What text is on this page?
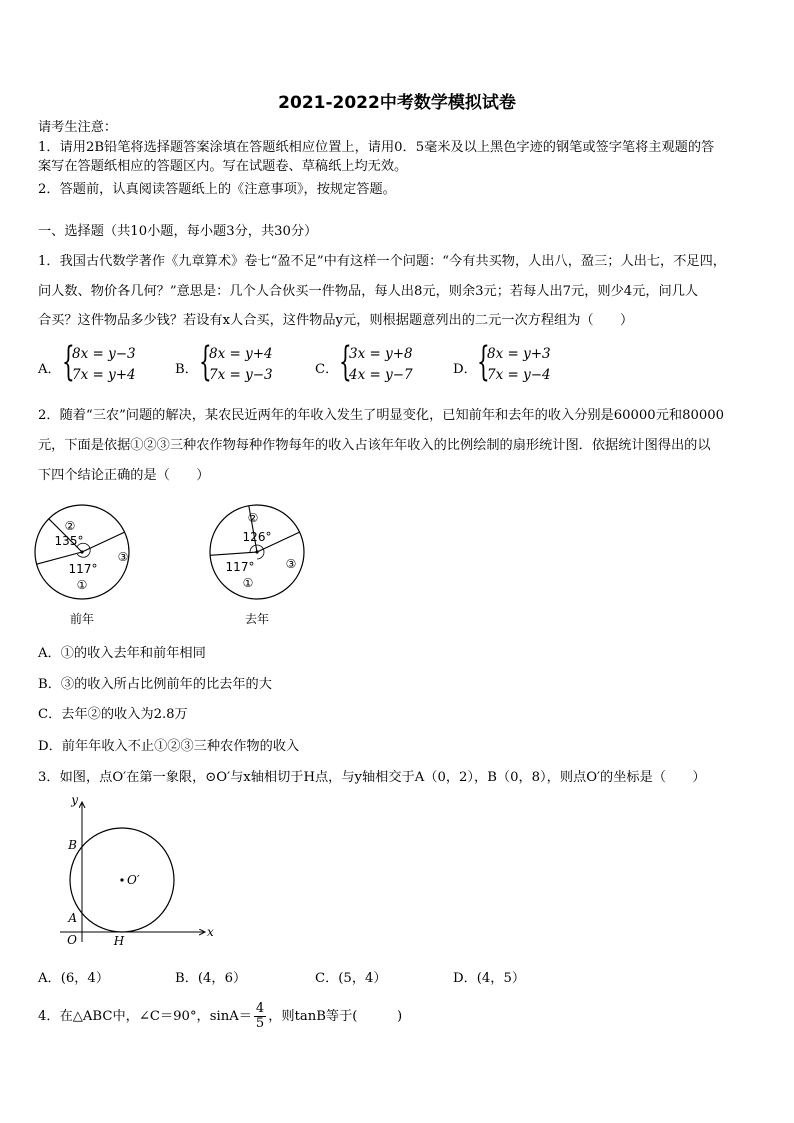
2021-2022中考数学模拟试卷
请考生注意：
1．请用2B铅笔将选择题答案涂填在答题纸相应位置上，请用0．5毫米及以上黑色字迹的钢笔或签字笔将主观题的答
案写在答题纸相应的答题区内。写在试题卷、草稿纸上均无效。
2．答题前，认真阅读答题纸上的《注意事项》，按规定答题。
一、选择题（共10小题，每小题3分，共30分）
1．我国古代数学著作《九章算术》卷七“盈不足”中有这样一个问题：“今有共买物，人出八，盈三；人出七，不足四，
问人数、物价各几何？”意思是：几个人合伙买一件物品，每人出8元，则余3元；若每人出7元，则少4元，问几人
合买？这件物品多少钱？若设有x人合买，这件物品y元，则根据题意列出的二元一次方程组为（　　）
A． {
8x = y−3
7x = y+4	B． {
8x = y+4
7x = y−3	C． {
3x = y+8
4x = y−7	D． {
8x = y+3
7x = y−4
2．随着“三农”问题的解决，某农民近两年的年收入发生了明显变化，已知前年和去年的收入分别是60000元和80000
元，下面是依据①②③三种农作物每种作物每年的收入占该年年收入的比例绘制的扇形统计图．依据统计图得出的以
下四个结论正确的是（　　）
②
135°
③
117°
①
前年
②
126°
③
117°
①
去年
A．①的收入去年和前年相同
B．③的收入所占比例前年的比去年的大
C．去年②的收入为2.8万
D．前年年收入不止①②③三种农作物的收入
3．如图，点O′在第一象限，⊙O′与x轴相切于H点，与y轴相交于A（0，2），B（0，8），则点O′的坐标是（　　）
y
x
B
A
O	H
O′
A．(6，4）	B．(4，6）	C．(5，4）	D．(4，5）
4．在△ABC中，∠C＝90°，$\sin A= \frac{4}{5}$ ，则tanB等于(　　　)
